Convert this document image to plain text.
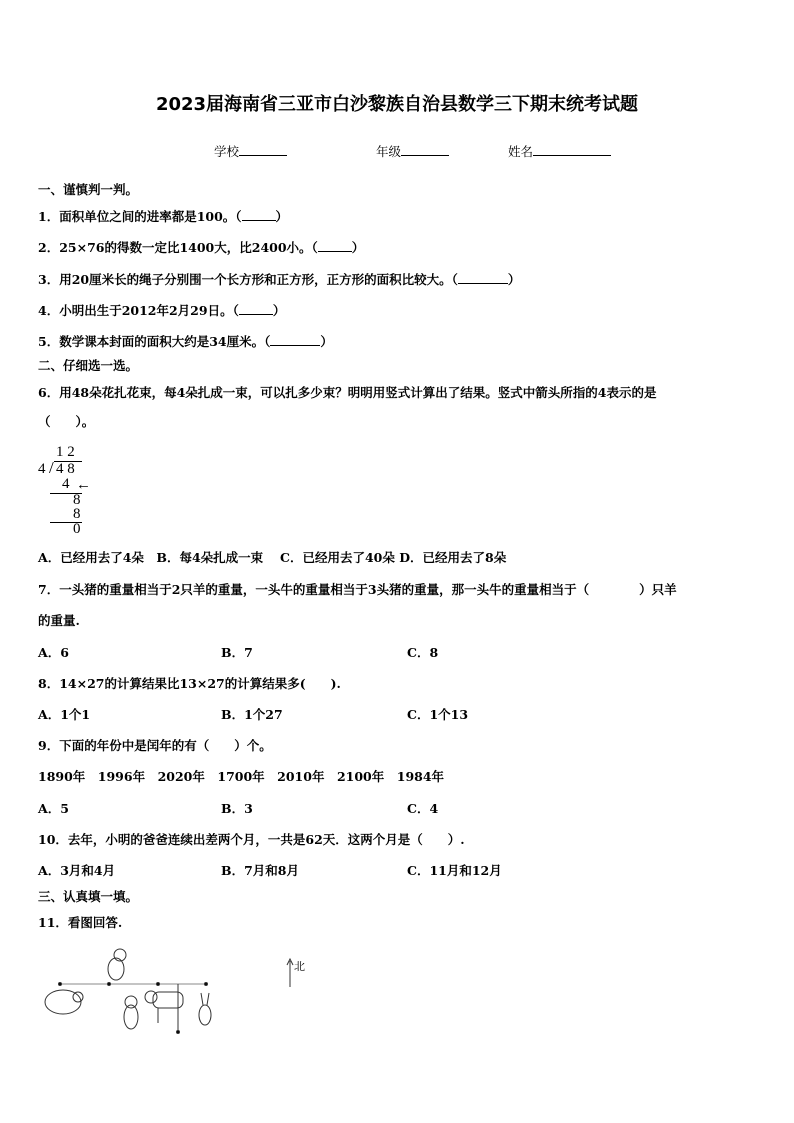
2023届海南省三亚市白沙黎族自治县数学三下期末统考试题
学校	年级	姓名
一、谨慎判一判。
1．面积单位之间的进率都是100。（	）
2．25×76的得数一定比1400大，比2400小。（	）
3．用20厘米长的绳子分别围一个长方形和正方形，正方形的面积比较大。（	）
4．小明出生于2012年2月29日。（	）
5．数学课本封面的面积大约是34厘米。（	）
二、仔细选一选。
6．用48朵花扎花束，每4朵扎成一束，可以扎多少束？明明用竖式计算出了结果。竖式中箭头所指的4表示的是
（　　）。
1 2
4 / 4 8
4 ←
8
8
0
A．已经用去了4朵　B．每4朵扎成一束　 C．已经用去了40朵 D．已经用去了8朵
7．一头猪的重量相当于2只羊的重量，一头牛的重量相当于3头猪的重量，那一头牛的重量相当于（　　　　）只羊
的重量.
A．6	B．7	C．8
8．14×27的计算结果比13×27的计算结果多(　　).
A．1个1	B．1个27	C．1个13
9．下面的年份中是闰年的有（　　）个。
1890年　1996年　2020年　1700年　2010年　2100年　1984年
A．5	B．3	C．4
10．去年，小明的爸爸连续出差两个月，一共是62天．这两个月是（　　）.
A．3月和4月	B．7月和8月	C．11月和12月
三、认真填一填。
11．看图回答.
北
